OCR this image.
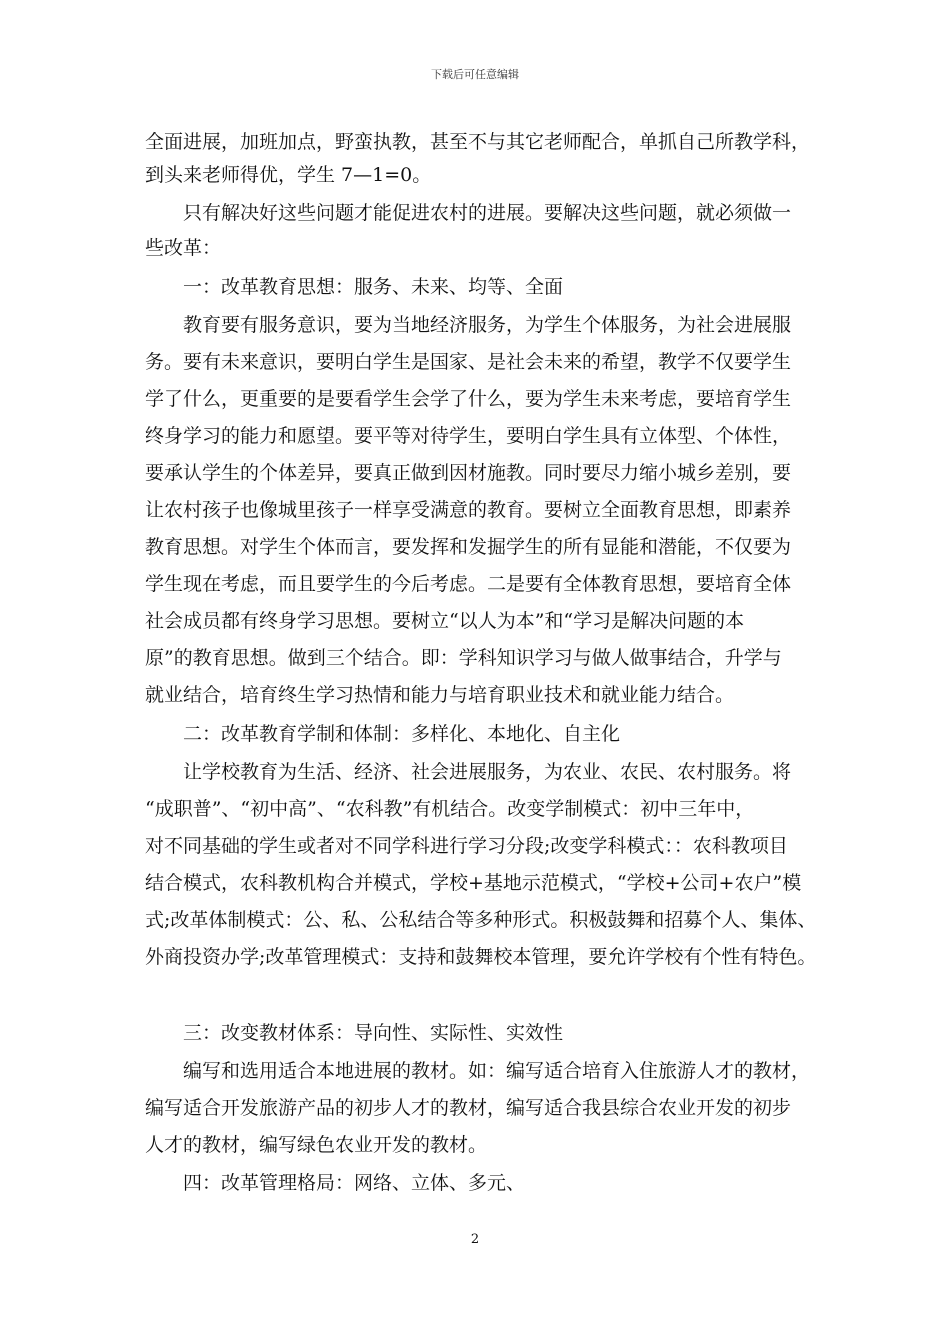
下载后可任意编辑
全面进展，加班加点，野蛮执教，甚至不与其它老师配合，单抓自己所教学科，
到头来老师得优，学生 7—1=0。
只有解决好这些问题才能促进农村的进展。要解决这些问题，就必须做一
些改革：
一：改革教育思想：服务、未来、均等、全面
教育要有服务意识，要为当地经济服务，为学生个体服务，为社会进展服
务。要有未来意识，要明白学生是国家、是社会未来的希望，教学不仅要学生
学了什么，更重要的是要看学生会学了什么，要为学生未来考虑，要培育学生
终身学习的能力和愿望。要平等对待学生，要明白学生具有立体型、个体性，
要承认学生的个体差异，要真正做到因材施教。同时要尽力缩小城乡差别，要
让农村孩子也像城里孩子一样享受满意的教育。要树立全面教育思想，即素养
教育思想。对学生个体而言，要发挥和发掘学生的所有显能和潜能，不仅要为
学生现在考虑，而且要学生的今后考虑。二是要有全体教育思想，要培育全体
社会成员都有终身学习思想。要树立“以人为本”和“学习是解决问题的本
原”的教育思想。做到三个结合。即：学科知识学习与做人做事结合，升学与
就业结合，培育终生学习热情和能力与培育职业技术和就业能力结合。
二：改革教育学制和体制：多样化、本地化、自主化
让学校教育为生活、经济、社会进展服务，为农业、农民、农村服务。将
“成职普”、“初中高”、“农科教”有机结合。改变学制模式：初中三年中，
对不同基础的学生或者对不同学科进行学习分段;改变学科模式：：农科教项目
结合模式，农科教机构合并模式，学校+基地示范模式，“学校+公司+农户”模
式;改革体制模式：公、私、公私结合等多种形式。积极鼓舞和招募个人、集体、
外商投资办学;改革管理模式：支持和鼓舞校本管理，要允许学校有个性有特色。
三：改变教材体系：导向性、实际性、实效性
编写和选用适合本地进展的教材。如：编写适合培育入住旅游人才的教材，
编写适合开发旅游产品的初步人才的教材，编写适合我县综合农业开发的初步
人才的教材，编写绿色农业开发的教材。
四：改革管理格局：网络、立体、多元、
2
